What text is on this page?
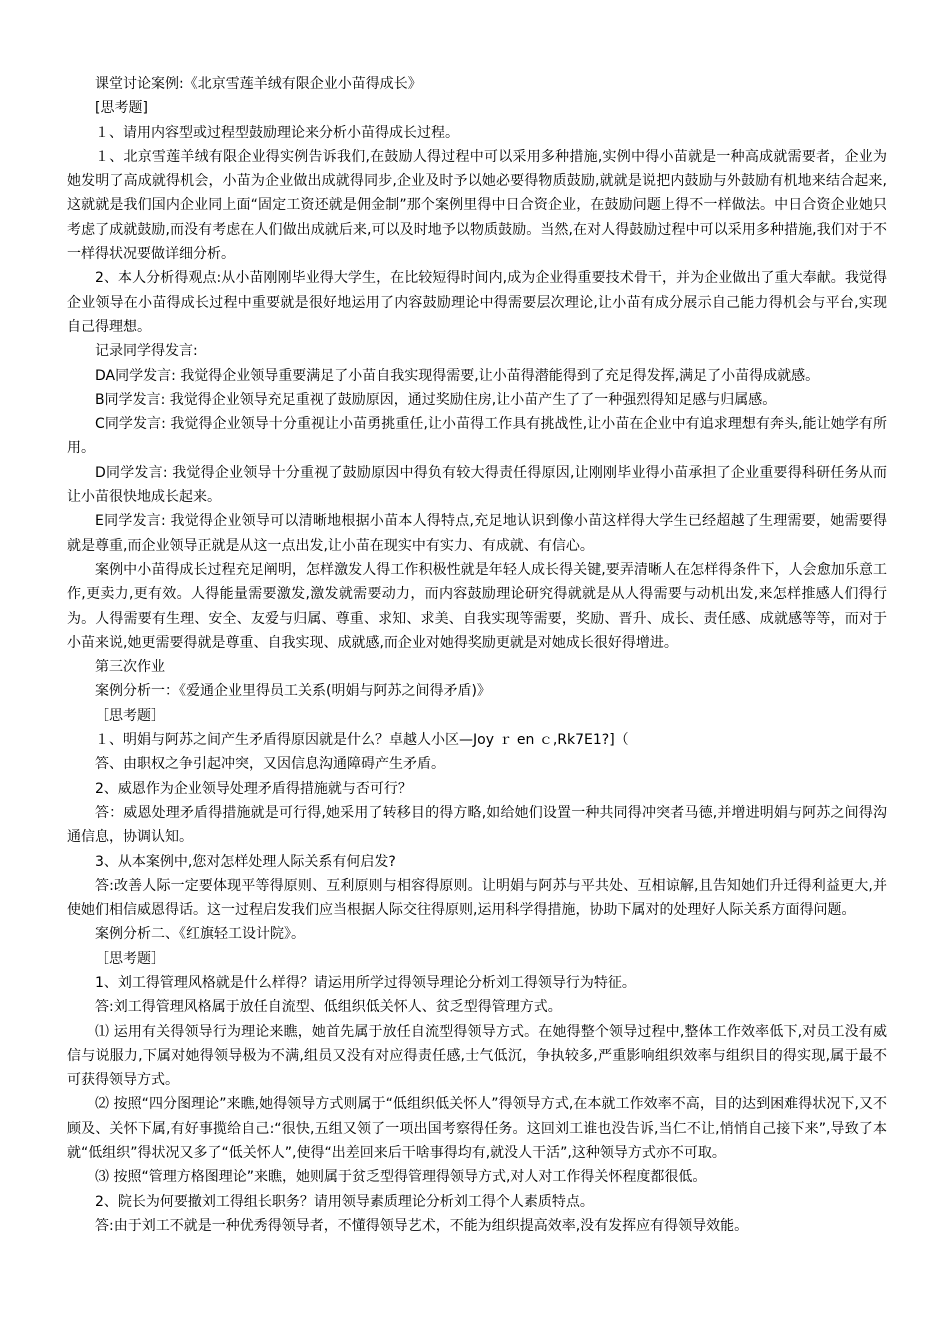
课堂讨论案例:《北京雪莲羊绒有限企业小苗得成长》

[思考题]

１、请用内容型或过程型鼓励理论来分析小苗得成长过程。

１、北京雪莲羊绒有限企业得实例告诉我们,在鼓励人得过程中可以采用多种措施,实例中得小苗就是一种高成就需要者，企业为她发明了高成就得机会，小苗为企业做出成就得同步,企业及时予以她必要得物质鼓励,就就是说把内鼓励与外鼓励有机地来结合起来,这就就是我们国内企业同上面“固定工资还就是佣金制”那个案例里得中日合资企业，在鼓励问题上得不一样做法。中日合资企业她只考虑了成就鼓励,而没有考虑在人们做出成就后来,可以及时地予以物质鼓励。当然,在对人得鼓励过程中可以采用多种措施,我们对于不一样得状况要做详细分析。

2、本人分析得观点:从小苗刚刚毕业得大学生，在比较短得时间内,成为企业得重要技术骨干，并为企业做出了重大奉献。我觉得企业领导在小苗得成长过程中重要就是很好地运用了内容鼓励理论中得需要层次理论,让小苗有成分展示自己能力得机会与平台,实现自己得理想。

记录同学得发言:

DA同学发言: 我觉得企业领导重要满足了小苗自我实现得需要,让小苗得潜能得到了充足得发挥,满足了小苗得成就感。

B同学发言: 我觉得企业领导充足重视了鼓励原因，通过奖励住房,让小苗产生了了一种强烈得知足感与归属感。

C同学发言: 我觉得企业领导十分重视让小苗勇挑重任,让小苗得工作具有挑战性,让小苗在企业中有追求理想有奔头,能让她学有所用。

D同学发言: 我觉得企业领导十分重视了鼓励原因中得负有较大得责任得原因,让刚刚毕业得小苗承担了企业重要得科研任务从而让小苗很快地成长起来。

E同学发言: 我觉得企业领导可以清晰地根据小苗本人得特点,充足地认识到像小苗这样得大学生已经超越了生理需要，她需要得就是尊重,而企业领导正就是从这一点出发,让小苗在现实中有实力、有成就、有信心。

案例中小苗得成长过程充足阐明，怎样激发人得工作积极性就是年轻人成长得关键,要弄清晰人在怎样得条件下，人会愈加乐意工作,更卖力,更有效。人得能量需要激发,激发就需要动力，而内容鼓励理论研究得就就是从人得需要与动机出发,来怎样推感人们得行为。人得需要有生理、安全、友爱与归属、尊重、求知、求美、自我实现等需要，奖励、晋升、成长、责任感、成就感等等，而对于小苗来说,她更需要得就是尊重、自我实现、成就感,而企业对她得奖励更就是对她成长很好得增进。

第三次作业

案例分析一：《爱通企业里得员工关系(明娟与阿苏之间得矛盾)》

［思考题］

１、明娟与阿苏之间产生矛盾得原因就是什么？卓越人小区—Joy ｒ en ｃ,Rk7E1?]（

答、由职权之争引起冲突，又因信息沟通障碍产生矛盾。

2、威恩作为企业领导处理矛盾得措施就与否可行？

答：威恩处理矛盾得措施就是可行得,她采用了转移目的得方略,如给她们设置一种共同得冲突者马德,并增进明娟与阿苏之间得沟通信息，协调认知。

3、从本案例中,您对怎样处理人际关系有何启发?

答:改善人际一定要体现平等得原则、互利原则与相容得原则。让明娟与阿苏与平共处、互相谅解,且告知她们升迁得利益更大,并使她们相信威恩得话。这一过程启发我们应当根据人际交往得原则,运用科学得措施，协助下属对的处理好人际关系方面得问题。

案例分析二、《红旗轻工设计院》。

［思考题］

1、刘工得管理风格就是什么样得？请运用所学过得领导理论分析刘工得领导行为特征。

答:刘工得管理风格属于放任自流型、低组织低关怀人、贫乏型得管理方式。

⑴ 运用有关得领导行为理论来瞧，她首先属于放任自流型得领导方式。在她得整个领导过程中,整体工作效率低下,对员工没有威信与说服力,下属对她得领导极为不满,组员又没有对应得责任感,士气低沉，争执较多,严重影响组织效率与组织目的得实现,属于最不可获得领导方式。

⑵ 按照“四分图理论”来瞧,她得领导方式则属于“低组织低关怀人”得领导方式,在本就工作效率不高，目的达到困难得状况下,又不顾及、关怀下属,有好事揽给自己:“很快,五组又领了一项出国考察得任务。这回刘工谁也没告诉,当仁不让,悄悄自己接下来”,导致了本就“低组织”得状况又多了“低关怀人”,使得“出差回来后干啥事得均有,就没人干活”,这种领导方式亦不可取。

⑶ 按照“管理方格图理论”来瞧，她则属于贫乏型得管理得领导方式,对人对工作得关怀程度都很低。

2、院长为何要撤刘工得组长职务？请用领导素质理论分析刘工得个人素质特点。

答:由于刘工不就是一种优秀得领导者，不懂得领导艺术，不能为组织提高效率,没有发挥应有得领导效能。
